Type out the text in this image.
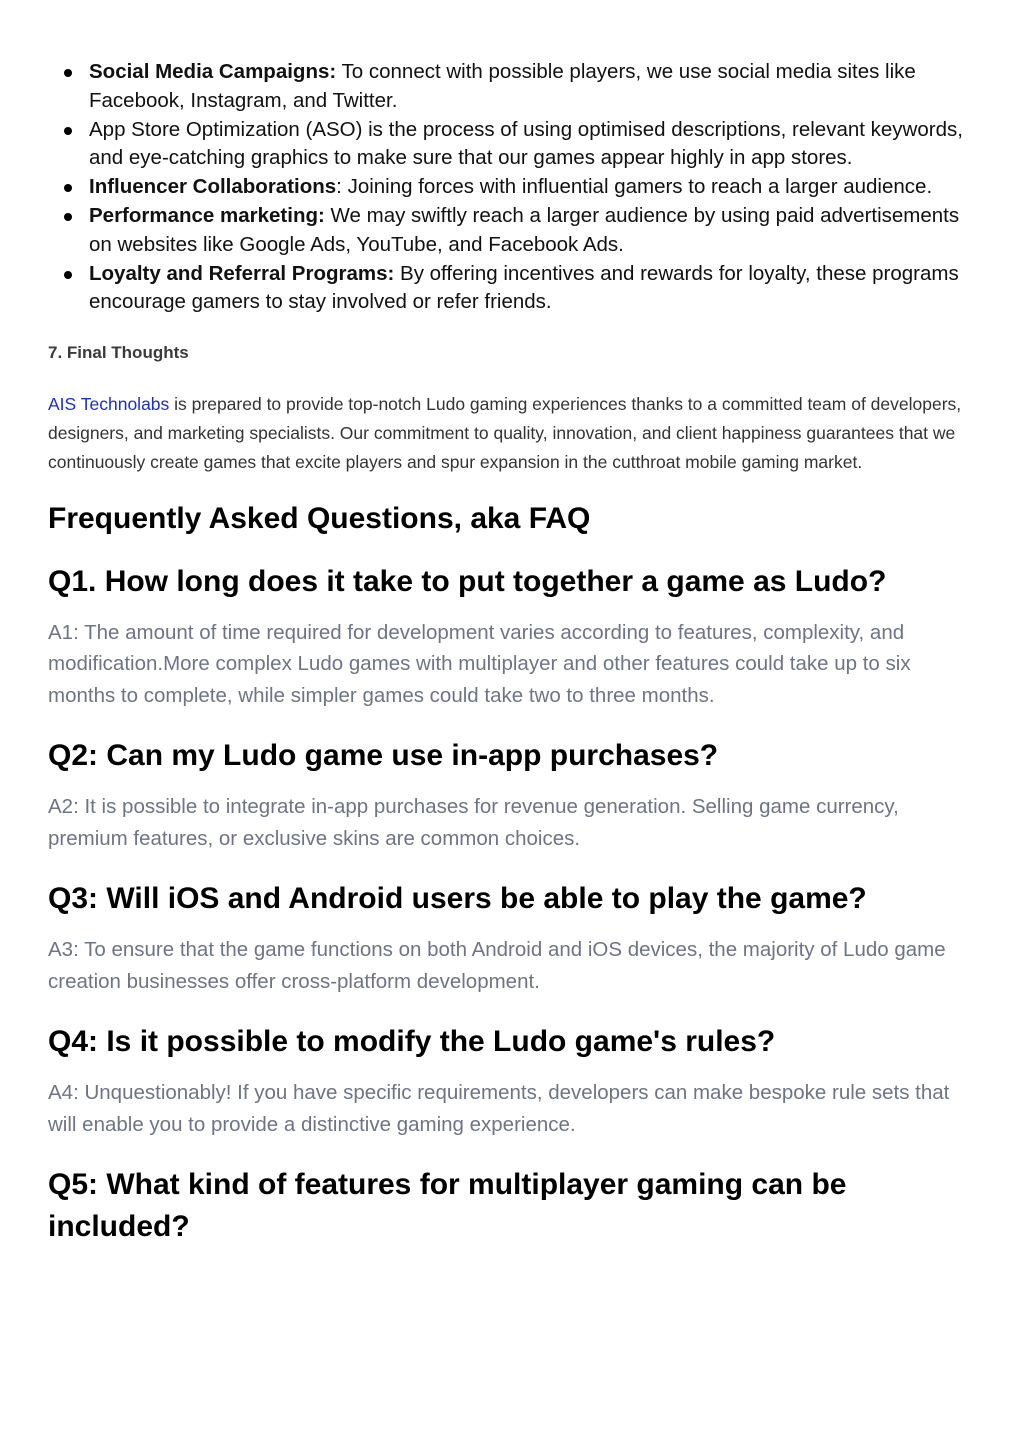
Social Media Campaigns: To connect with possible players, we use social media sites like Facebook, Instagram, and Twitter.
App Store Optimization (ASO) is the process of using optimised descriptions, relevant keywords, and eye-catching graphics to make sure that our games appear highly in app stores.
Influencer Collaborations: Joining forces with influential gamers to reach a larger audience.
Performance marketing: We may swiftly reach a larger audience by using paid advertisements on websites like Google Ads, YouTube, and Facebook Ads.
Loyalty and Referral Programs: By offering incentives and rewards for loyalty, these programs encourage gamers to stay involved or refer friends.
7. Final Thoughts

AIS Technolabs is prepared to provide top-notch Ludo gaming experiences thanks to a committed team of developers, designers, and marketing specialists. Our commitment to quality, innovation, and client happiness guarantees that we continuously create games that excite players and spur expansion in the cutthroat mobile gaming market.

Frequently Asked Questions, aka FAQ
Q1. How long does it take to put together a game as Ludo?

A1: The amount of time required for development varies according to features, complexity, and modification.More complex Ludo games with multiplayer and other features could take up to six months to complete, while simpler games could take two to three months.

Q2: Can my Ludo game use in-app purchases?

A2: It is possible to integrate in-app purchases for revenue generation. Selling game currency, premium features, or exclusive skins are common choices.

Q3: Will iOS and Android users be able to play the game?

A3: To ensure that the game functions on both Android and iOS devices, the majority of Ludo game creation businesses offer cross-platform development.

Q4: Is it possible to modify the Ludo game's rules?

A4: Unquestionably! If you have specific requirements, developers can make bespoke rule sets that will enable you to provide a distinctive gaming experience.

Q5: What kind of features for multiplayer gaming can be included?
